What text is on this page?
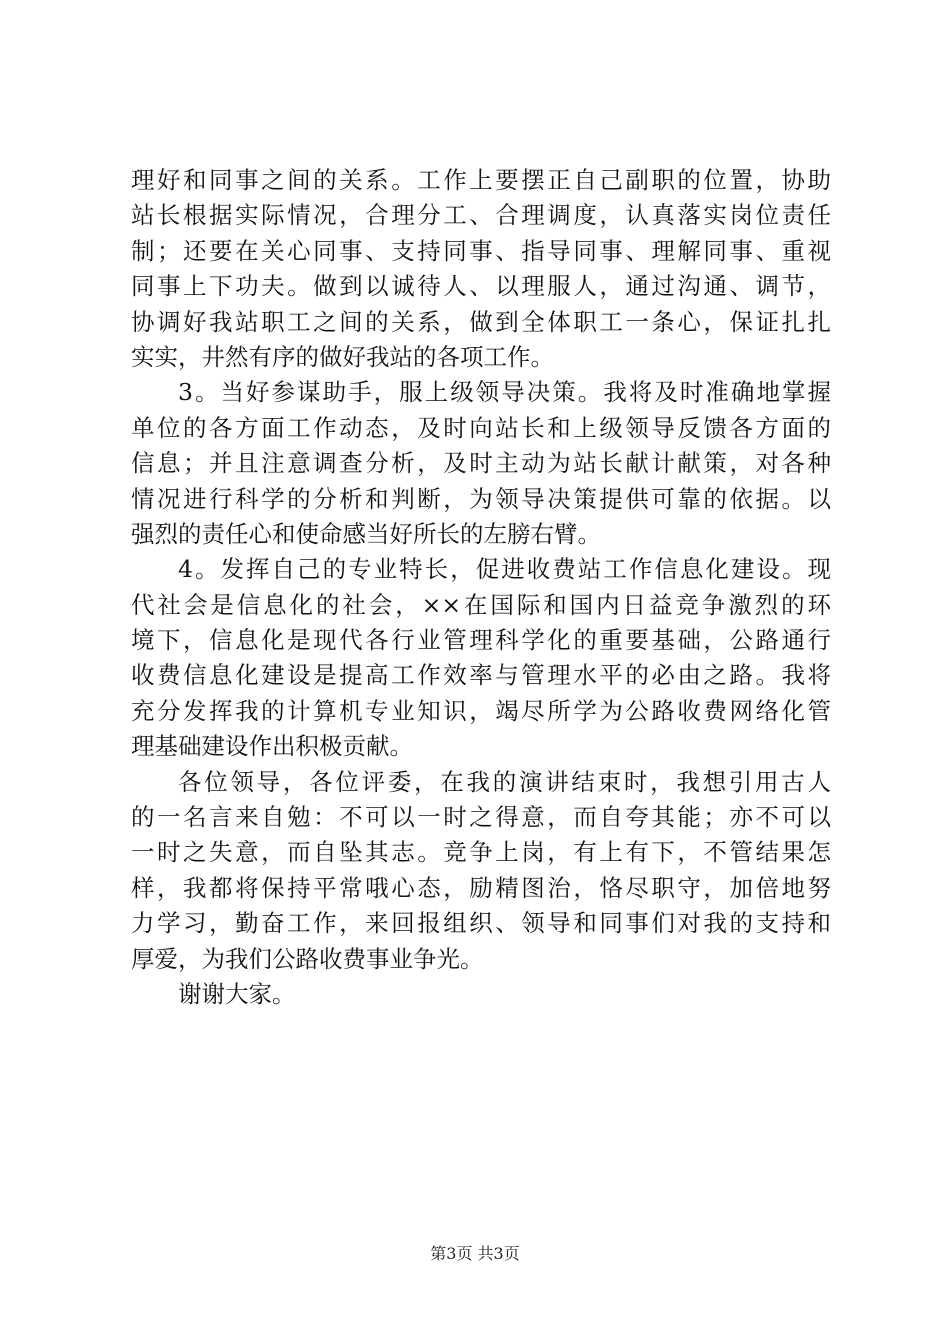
理好和同事之间的关系。工作上要摆正自己副职的位置，协助
站长根据实际情况，合理分工、合理调度，认真落实岗位责任
制；还要在关心同事、支持同事、指导同事、理解同事、重视
同事上下功夫。做到以诚待人、以理服人，通过沟通、调节，
协调好我站职工之间的关系，做到全体职工一条心，保证扎扎
实实，井然有序的做好我站的各项工作。
3。当好参谋助手，服上级领导决策。我将及时准确地掌握
单位的各方面工作动态，及时向站长和上级领导反馈各方面的
信息；并且注意调查分析，及时主动为站长献计献策，对各种
情况进行科学的分析和判断，为领导决策提供可靠的依据。以
强烈的责任心和使命感当好所长的左膀右臂。
4。发挥自己的专业特长，促进收费站工作信息化建设。现
代社会是信息化的社会，××在国际和国内日益竞争激烈的环
境下，信息化是现代各行业管理科学化的重要基础，公路通行
收费信息化建设是提高工作效率与管理水平的必由之路。我将
充分发挥我的计算机专业知识，竭尽所学为公路收费网络化管
理基础建设作出积极贡献。
各位领导，各位评委，在我的演讲结束时，我想引用古人
的一名言来自勉：不可以一时之得意，而自夸其能；亦不可以
一时之失意，而自坠其志。竞争上岗，有上有下，不管结果怎
样，我都将保持平常哦心态，励精图治，恪尽职守，加倍地努
力学习，勤奋工作，来回报组织、领导和同事们对我的支持和
厚爱，为我们公路收费事业争光。
谢谢大家。
第3页 共3页
